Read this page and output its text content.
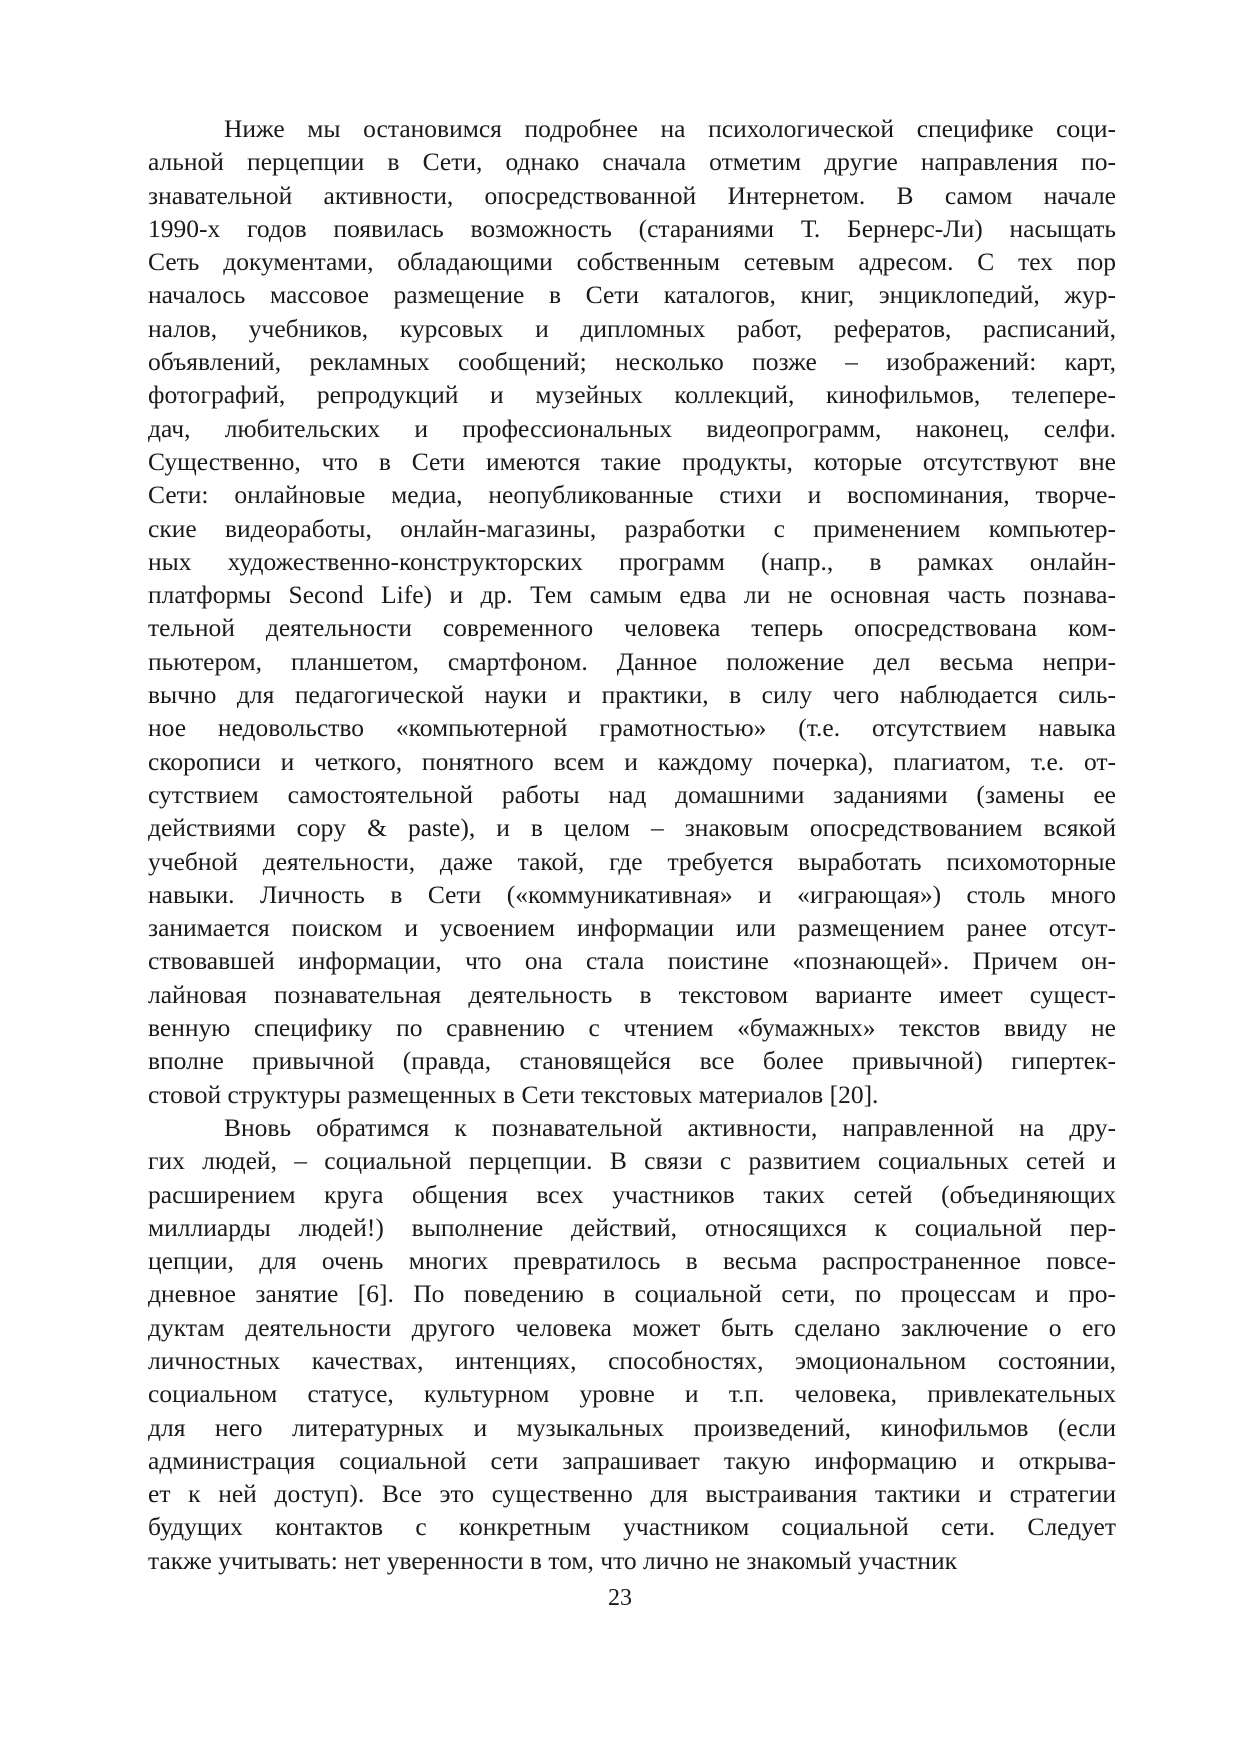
Ниже мы остановимся подробнее на психологической специфике соци-
альной перцепции в Сети, однако сначала отметим другие направления по-
знавательной активности, опосредствованной Интернетом. В самом начале
1990-х годов появилась возможность (стараниями Т. Бернерс-Ли) насыщать
Сеть документами, обладающими собственным сетевым адресом. С тех пор
началось массовое размещение в Сети каталогов, книг, энциклопедий, жур-
налов, учебников, курсовых и дипломных работ, рефератов, расписаний,
объявлений, рекламных сообщений; несколько позже – изображений: карт,
фотографий, репродукций и музейных коллекций, кинофильмов, телепере-
дач, любительских и профессиональных видеопрограмм, наконец, селфи.
Существенно, что в Сети имеются такие продукты, которые отсутствуют вне
Сети: онлайновые медиа, неопубликованные стихи и воспоминания, творче-
ские видеоработы, онлайн-магазины, разработки с применением компьютер-
ных художественно-конструкторских программ (напр., в рамках онлайн-
платформы Second Life) и др. Тем самым едва ли не основная часть познава-
тельной деятельности современного человека теперь опосредствована ком-
пьютером, планшетом, смартфоном. Данное положение дел весьма непри-
вычно для педагогической науки и практики, в силу чего наблюдается силь-
ное недовольство «компьютерной грамотностью» (т.е. отсутствием навыка
скорописи и четкого, понятного всем и каждому почерка), плагиатом, т.е. от-
сутствием самостоятельной работы над домашними заданиями (замены ее
действиями copy & paste), и в целом – знаковым опосредствованием всякой
учебной деятельности, даже такой, где требуется выработать психомоторные
навыки. Личность в Сети («коммуникативная» и «играющая») столь много
занимается поиском и усвоением информации или размещением ранее отсут-
ствовавшей информации, что она стала поистине «познающей». Причем он-
лайновая познавательная деятельность в текстовом варианте имеет сущест-
венную специфику по сравнению с чтением «бумажных» текстов ввиду не
вполне привычной (правда, становящейся все более привычной) гипертек-
стовой структуры размещенных в Сети текстовых материалов [20].
Вновь обратимся к познавательной активности, направленной на дру-
гих людей, – социальной перцепции. В связи с развитием социальных сетей и
расширением круга общения всех участников таких сетей (объединяющих
миллиарды людей!) выполнение действий, относящихся к социальной пер-
цепции, для очень многих превратилось в весьма распространенное повсе-
дневное занятие [6]. По поведению в социальной сети, по процессам и про-
дуктам деятельности другого человека может быть сделано заключение о его
личностных качествах, интенциях, способностях, эмоциональном состоянии,
социальном статусе, культурном уровне и т.п. человека, привлекательных
для него литературных и музыкальных произведений, кинофильмов (если
администрация социальной сети запрашивает такую информацию и открыва-
ет к ней доступ). Все это существенно для выстраивания тактики и стратегии
будущих контактов с конкретным участником социальной сети. Следует
также учитывать: нет уверенности в том, что лично не знакомый участник
23
